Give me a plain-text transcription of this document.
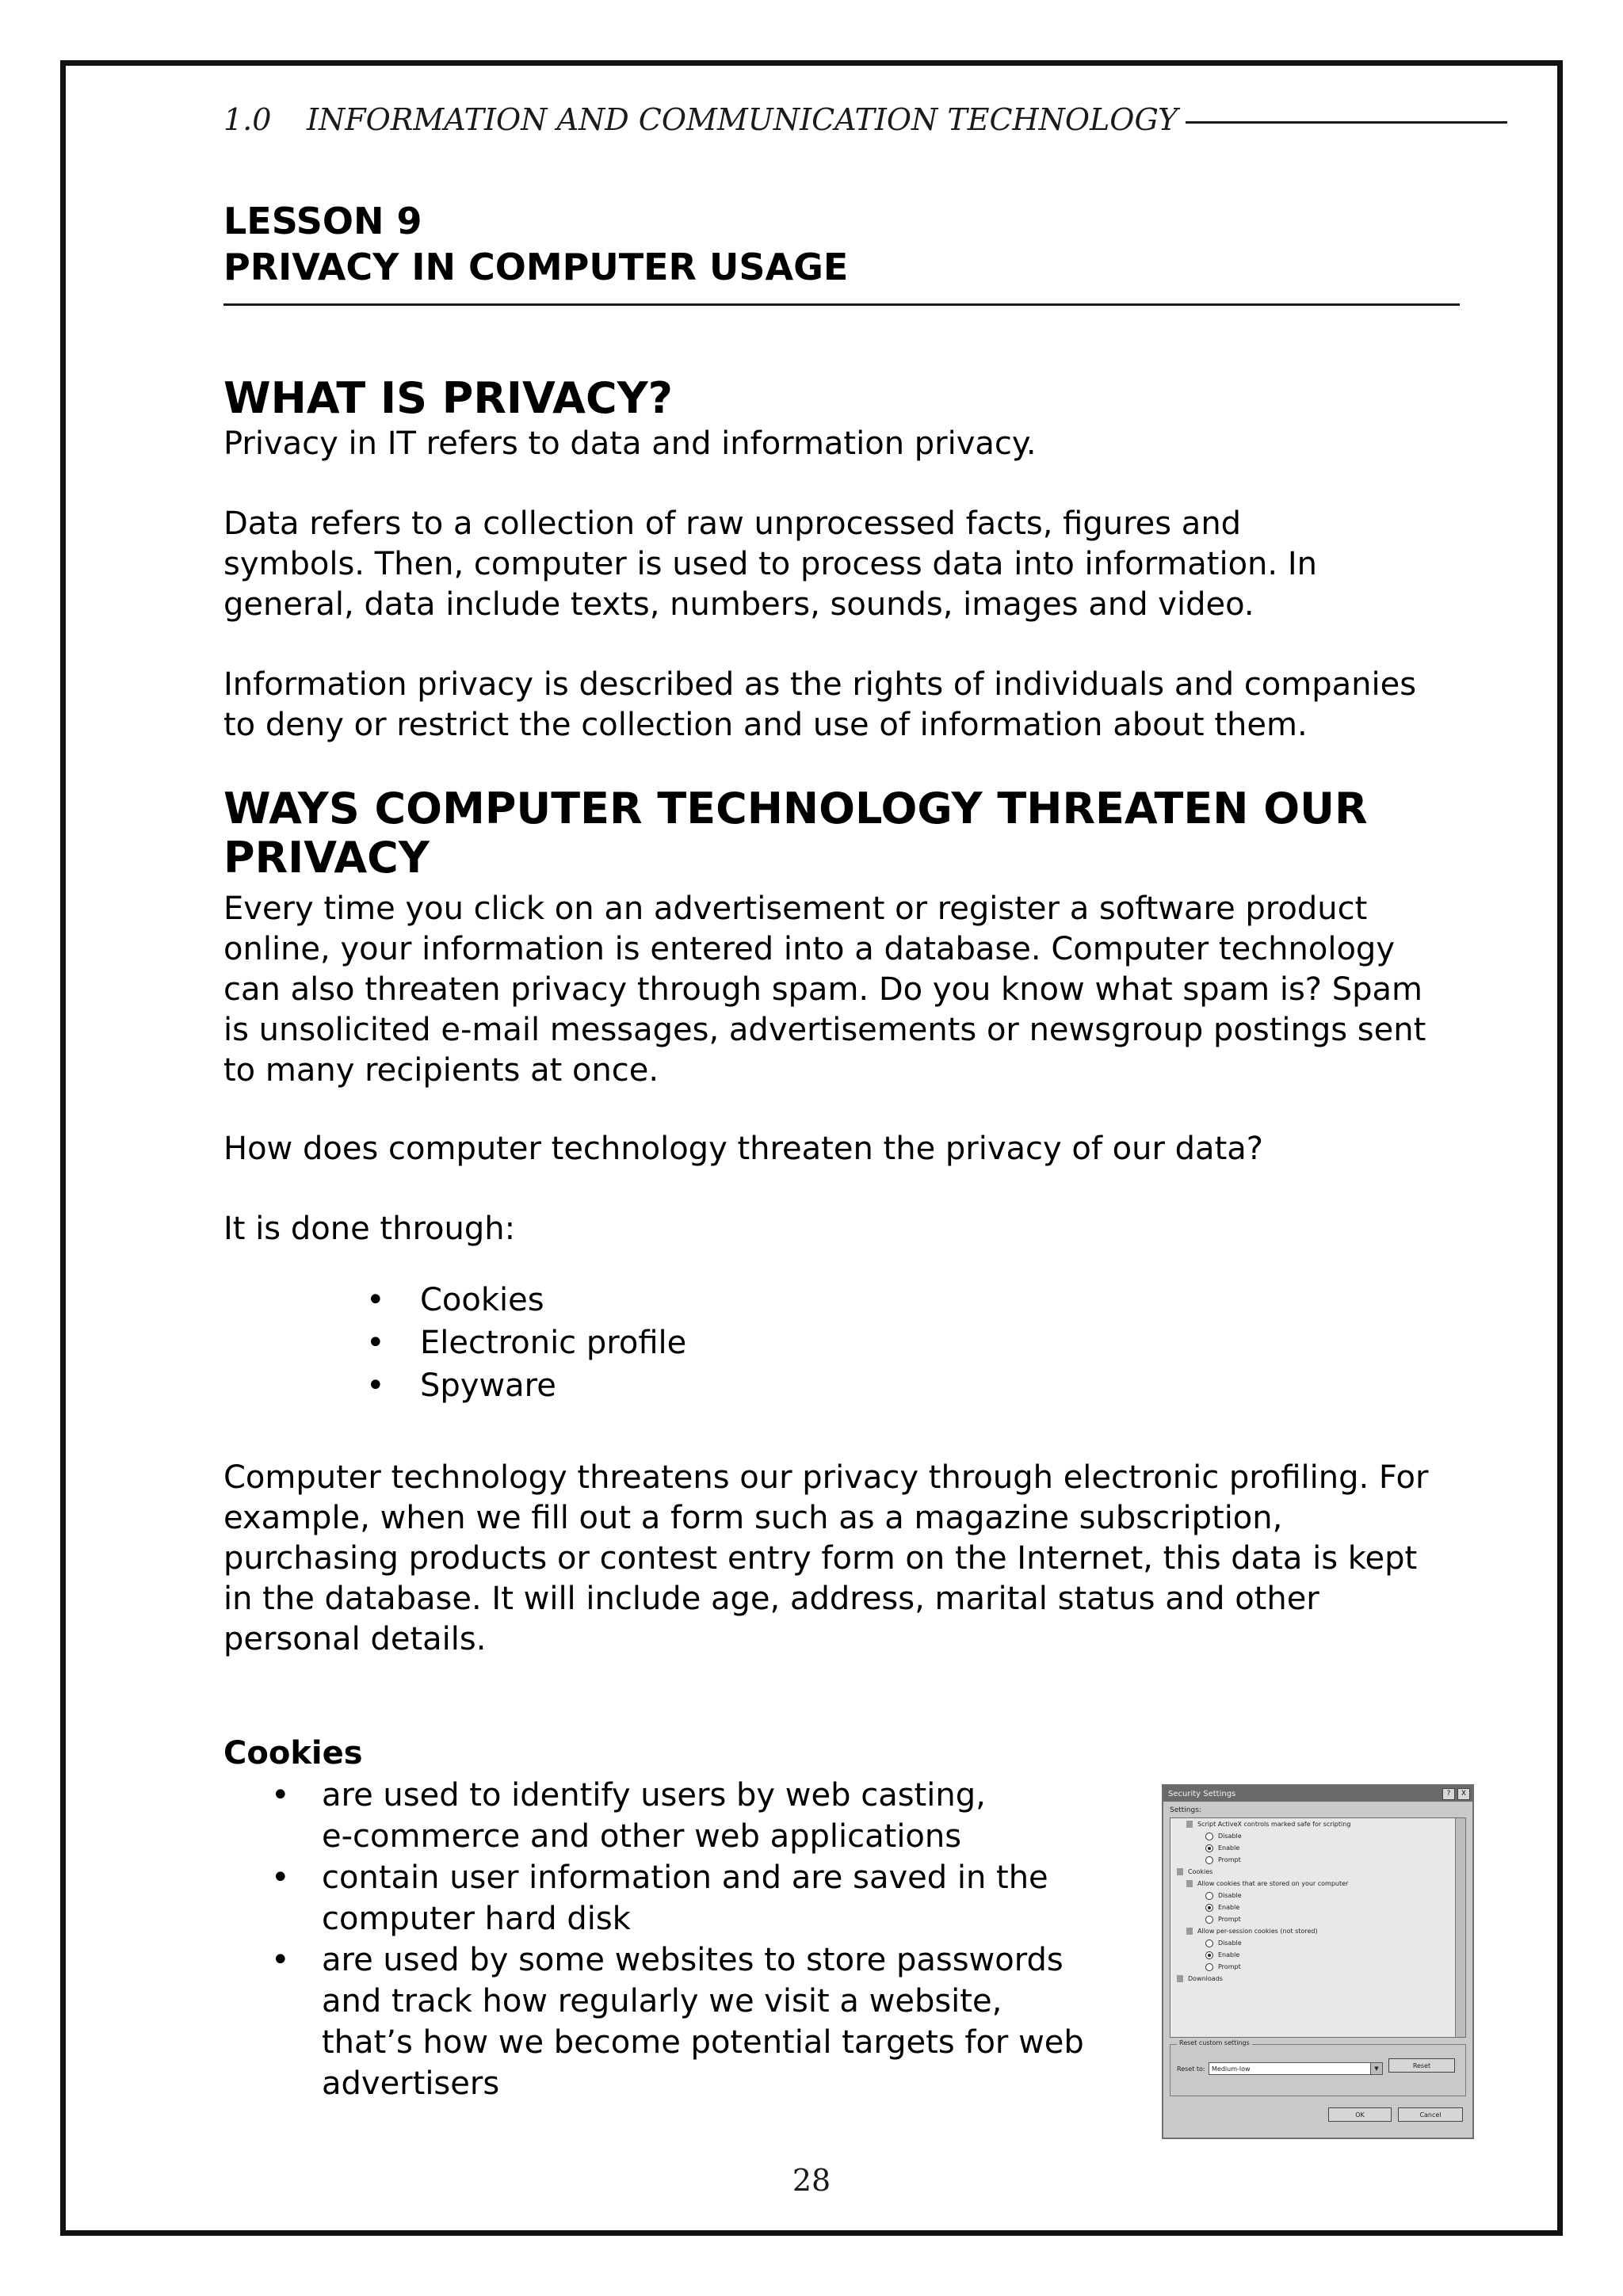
1.0	INFORMATION AND COMMUNICATION TECHNOLOGY
LESSON 9
PRIVACY IN COMPUTER USAGE
WHAT IS PRIVACY?
Privacy in IT refers to data and information privacy.
Data refers to a collection of raw unprocessed facts, figures and
symbols. Then, computer is used to process data into information. In
general, data include texts, numbers, sounds, images and video.
Information privacy is described as the rights of individuals and companies
to deny or restrict the collection and use of information about them.
WAYS COMPUTER TECHNOLOGY THREATEN OUR
PRIVACY
Every time you click on an advertisement or register a software product
online, your information is entered into a database. Computer technology
can also threaten privacy through spam. Do you know what spam is? Spam
is unsolicited e-mail messages, advertisements or newsgroup postings sent
to many recipients at once.
How does computer technology threaten the privacy of our data?
It is done through:
• Cookies
• Electronic profile
• Spyware
Computer technology threatens our privacy through electronic profiling. For
example, when we fill out a form such as a magazine subscription,
purchasing products or contest entry form on the Internet, this data is kept
in the database. It will include age, address, marital status and other
personal details.
Cookies
• are used to identify users by web casting,
e-commerce and other web applications
• contain user information and are saved in the
computer hard disk
• are used by some websites to store passwords
and track how regularly we visit a website,
that’s how we become potential targets for web
advertisers
Security Settings	?	X
Settings:
Script ActiveX controls marked safe for scripting
Disable
Enable
Prompt
Cookies
Allow cookies that are stored on your computer
Disable
Enable
Prompt
Allow per-session cookies (not stored)
Disable
Enable
Prompt
Downloads
Reset custom settings
Reset to:	Medium-low	▼	Reset
OK	Cancel
28
